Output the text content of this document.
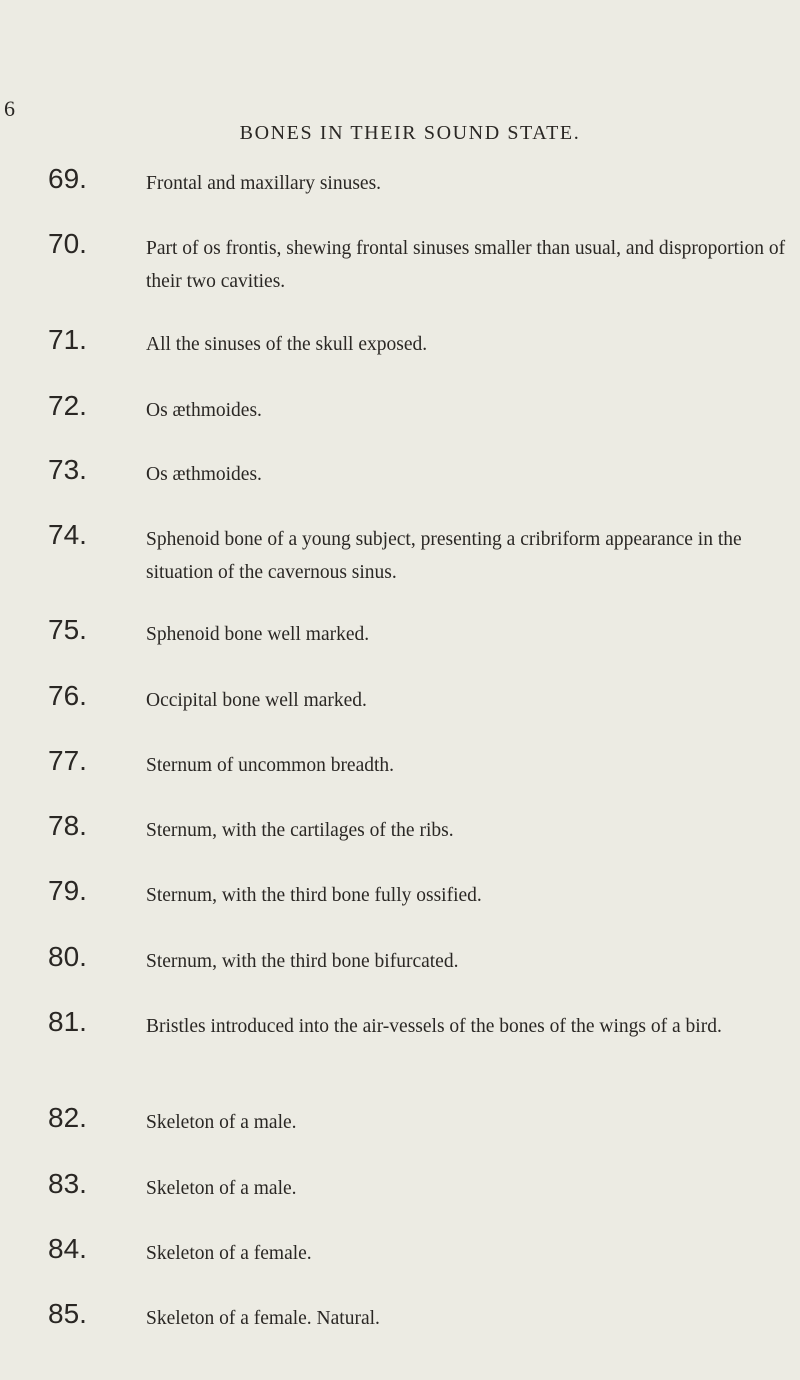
6
BONES IN THEIR SOUND STATE.
69.	Frontal and maxillary sinuses.
70.	Part of os frontis, shewing frontal sinuses smaller than usual, and disproportion of their two cavities.
71.	All the sinuses of the skull exposed.
72.	Os æthmoides.
73.	Os æthmoides.
74.	Sphenoid bone of a young subject, presenting a cribriform appearance in the situation of the cavernous sinus.
75.	Sphenoid bone well marked.
76.	Occipital bone well marked.
77.	Sternum of uncommon breadth.
78.	Sternum, with the cartilages of the ribs.
79.	Sternum, with the third bone fully ossified.
80.	Sternum, with the third bone bifurcated.
81.	Bristles introduced into the air-vessels of the bones of the wings of a bird.
82.	Skeleton of a male.
83.	Skeleton of a male.
84.	Skeleton of a female.
85.	Skeleton of a female. Natural.
